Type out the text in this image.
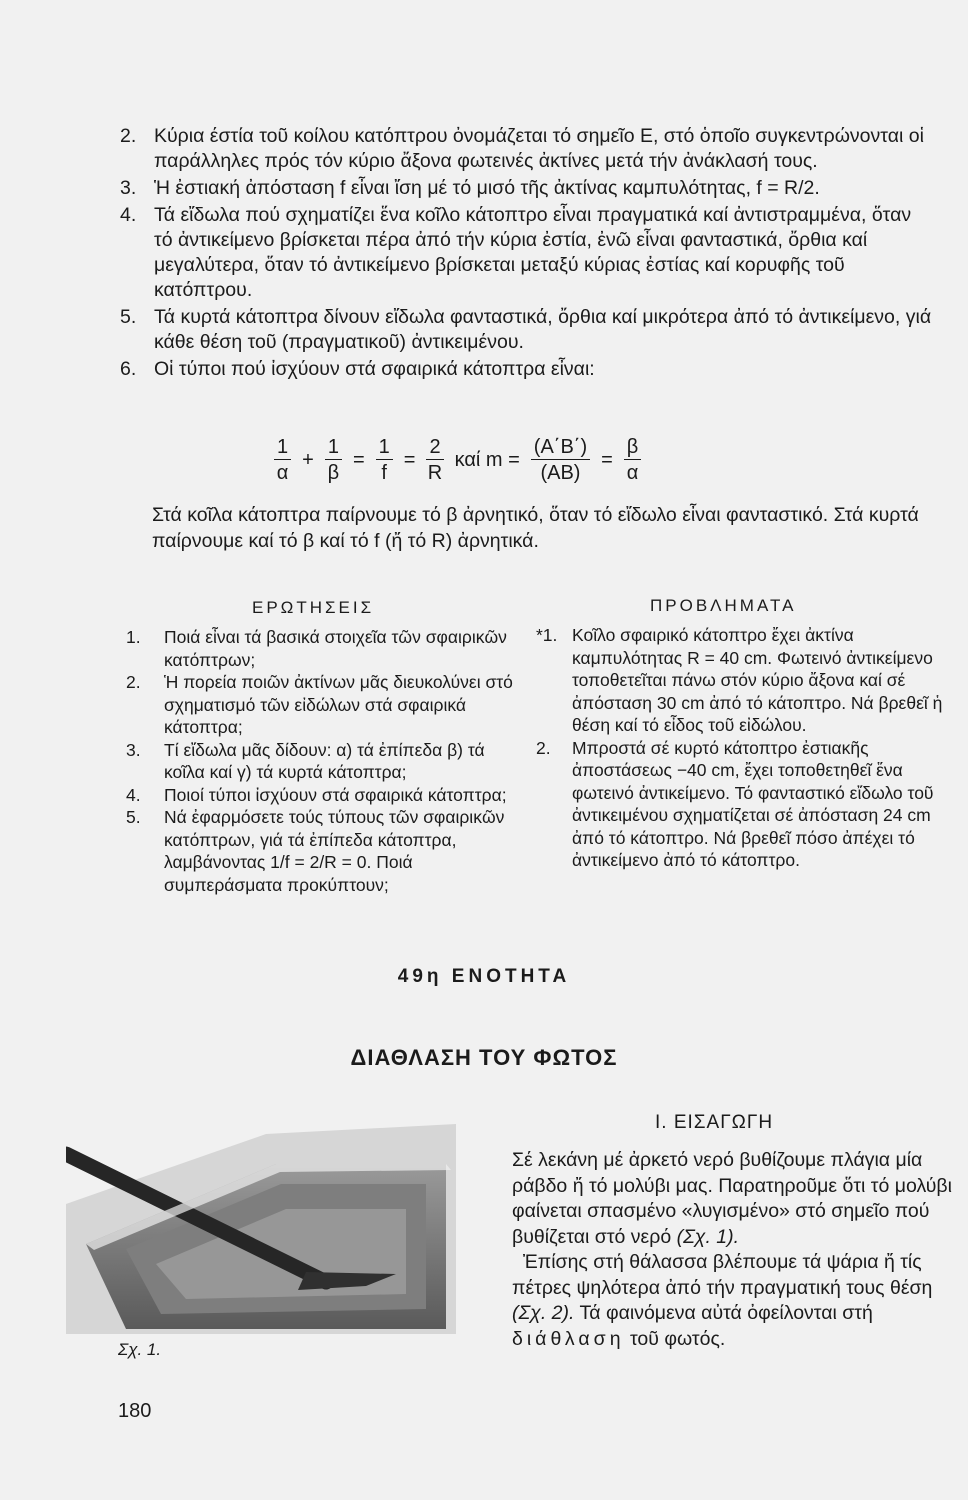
2. Κύρια έστία τοῦ κοίλου κατόπτρου ὀνομάζεται τό σημεῖο Ε, στό ὁποῖο συγκεντρώνονται οἱ παράλληλες πρός τόν κύριο ἄξονα φωτεινές ἀκτίνες μετά τήν ἀνάκλασή τους.
3. Ἡ ἐστιακή ἀπόσταση f εἶναι ἴση μέ τό μισό τῆς ἀκτίνας καμπυλότητας, f = R/2.
4. Τά εἴδωλα πού σχηματίζει ἕνα κοῖλο κάτοπτρο εἶναι πραγματικά καί ἀντιστραμμένα, ὅταν τό ἀντικείμενο βρίσκεται πέρα ἀπό τήν κύρια ἐστία, ἐνῶ εἶναι φανταστικά, ὄρθια καί μεγαλύτερα, ὅταν τό ἀντικείμενο βρίσκεται μεταξύ κύριας ἐστίας καί κορυφῆς τοῦ κατόπτρου.
5. Τά κυρτά κάτοπτρα δίνουν εἴδωλα φανταστικά, ὄρθια καί μικρότερα ἀπό τό ἀντικείμενο, γιά κάθε θέση τοῦ (πραγματικοῦ) ἀντικειμένου.
6. Οἱ τύποι πού ἰσχύουν στά σφαιρικά κάτοπτρα εἶναι:
$\frac{1}{\alpha} + \frac{1}{\beta} = \frac{1}{f} = \frac{2}{R}$ καί $m = \frac{(A΄B΄)}{(AB)} = \frac{\beta}{\alpha}$
Στά κοῖλα κάτοπτρα παίρνουμε τό β ἀρνητικό, ὅταν τό εἴδωλο εἶναι φανταστικό. Στά κυρτά παίρνουμε καί τό β καί τό f (ἤ τό R) ἀρνητικά.
ΕΡΩΤΗΣΕΙΣ	ΠΡΟΒΛΗΜΑΤΑ
1.	Ποιά εἶναι τά βασικά στοιχεῖα τῶν σφαιρικῶν κατόπτρων;
2.	Ἡ πορεία ποιῶν ἀκτίνων μᾶς διευκολύνει στό σχηματισμό τῶν εἰδώλων στά σφαιρικά κάτοπτρα;
3.	Τί εἴδωλα μᾶς δίδουν: α) τά ἐπίπεδα β) τά κοῖλα καί γ) τά κυρτά κάτοπτρα;
4.	Ποιοί τύποι ἰσχύουν στά σφαιρικά κάτοπτρα;
5.	Νά ἐφαρμόσετε τούς τύπους τῶν σφαιρικῶν κατόπτρων, γιά τά ἐπίπεδα κάτοπτρα, λαμβάνοντας 1/f = 2/R = 0. Ποιά συμπεράσματα προκύπτουν;
*1. Κοῖλο σφαιρικό κάτοπτρο ἔχει ἀκτίνα καμπυλότητας R = 40 cm. Φωτεινό ἀντικείμενο τοποθετεῖται πάνω στόν κύριο ἄξονα καί σέ ἀπόσταση 30 cm ἀπό τό κάτοπτρο. Νά βρεθεῖ ἡ θέση καί τό εἶδος τοῦ εἰδώλου.
2.	Μπροστά σέ κυρτό κάτοπτρο ἐστιακῆς ἀποστάσεως −40 cm, ἔχει τοποθετηθεῖ ἕνα φωτεινό ἀντικείμενο. Τό φανταστικό εἴδωλο τοῦ ἀντικειμένου σχηματίζεται σέ ἀπόσταση 24 cm ἀπό τό κάτοπτρο. Νά βρεθεῖ πόσο ἀπέχει τό ἀντικείμενο ἀπό τό κάτοπτρο.
49η ΕΝΟΤΗΤΑ
ΔΙΑΘΛΑΣΗ ΤΟΥ ΦΩΤΟΣ
Ι. ΕΙΣΑΓΩΓΗ

Σέ λεκάνη μέ ἀρκετό νερό βυθίζουμε πλάγια μία ράβδο ἤ τό μολύβι μας. Παρατηροῦμε ὅτι τό μολύβι φαίνεται σπασμένο «λυγισμένο» στό σημεῖο πού βυθίζεται στό νερό (Σχ. 1).

Ἐπίσης στή θάλασσα βλέπουμε τά ψάρια ἤ τίς πέτρες ψηλότερα ἀπό τήν πραγματική τους θέση (Σχ. 2). Τά φαινόμενα αὐτά ὀφείλονται στή διάθλαση τοῦ φωτός.

Σχ. 1.
180
